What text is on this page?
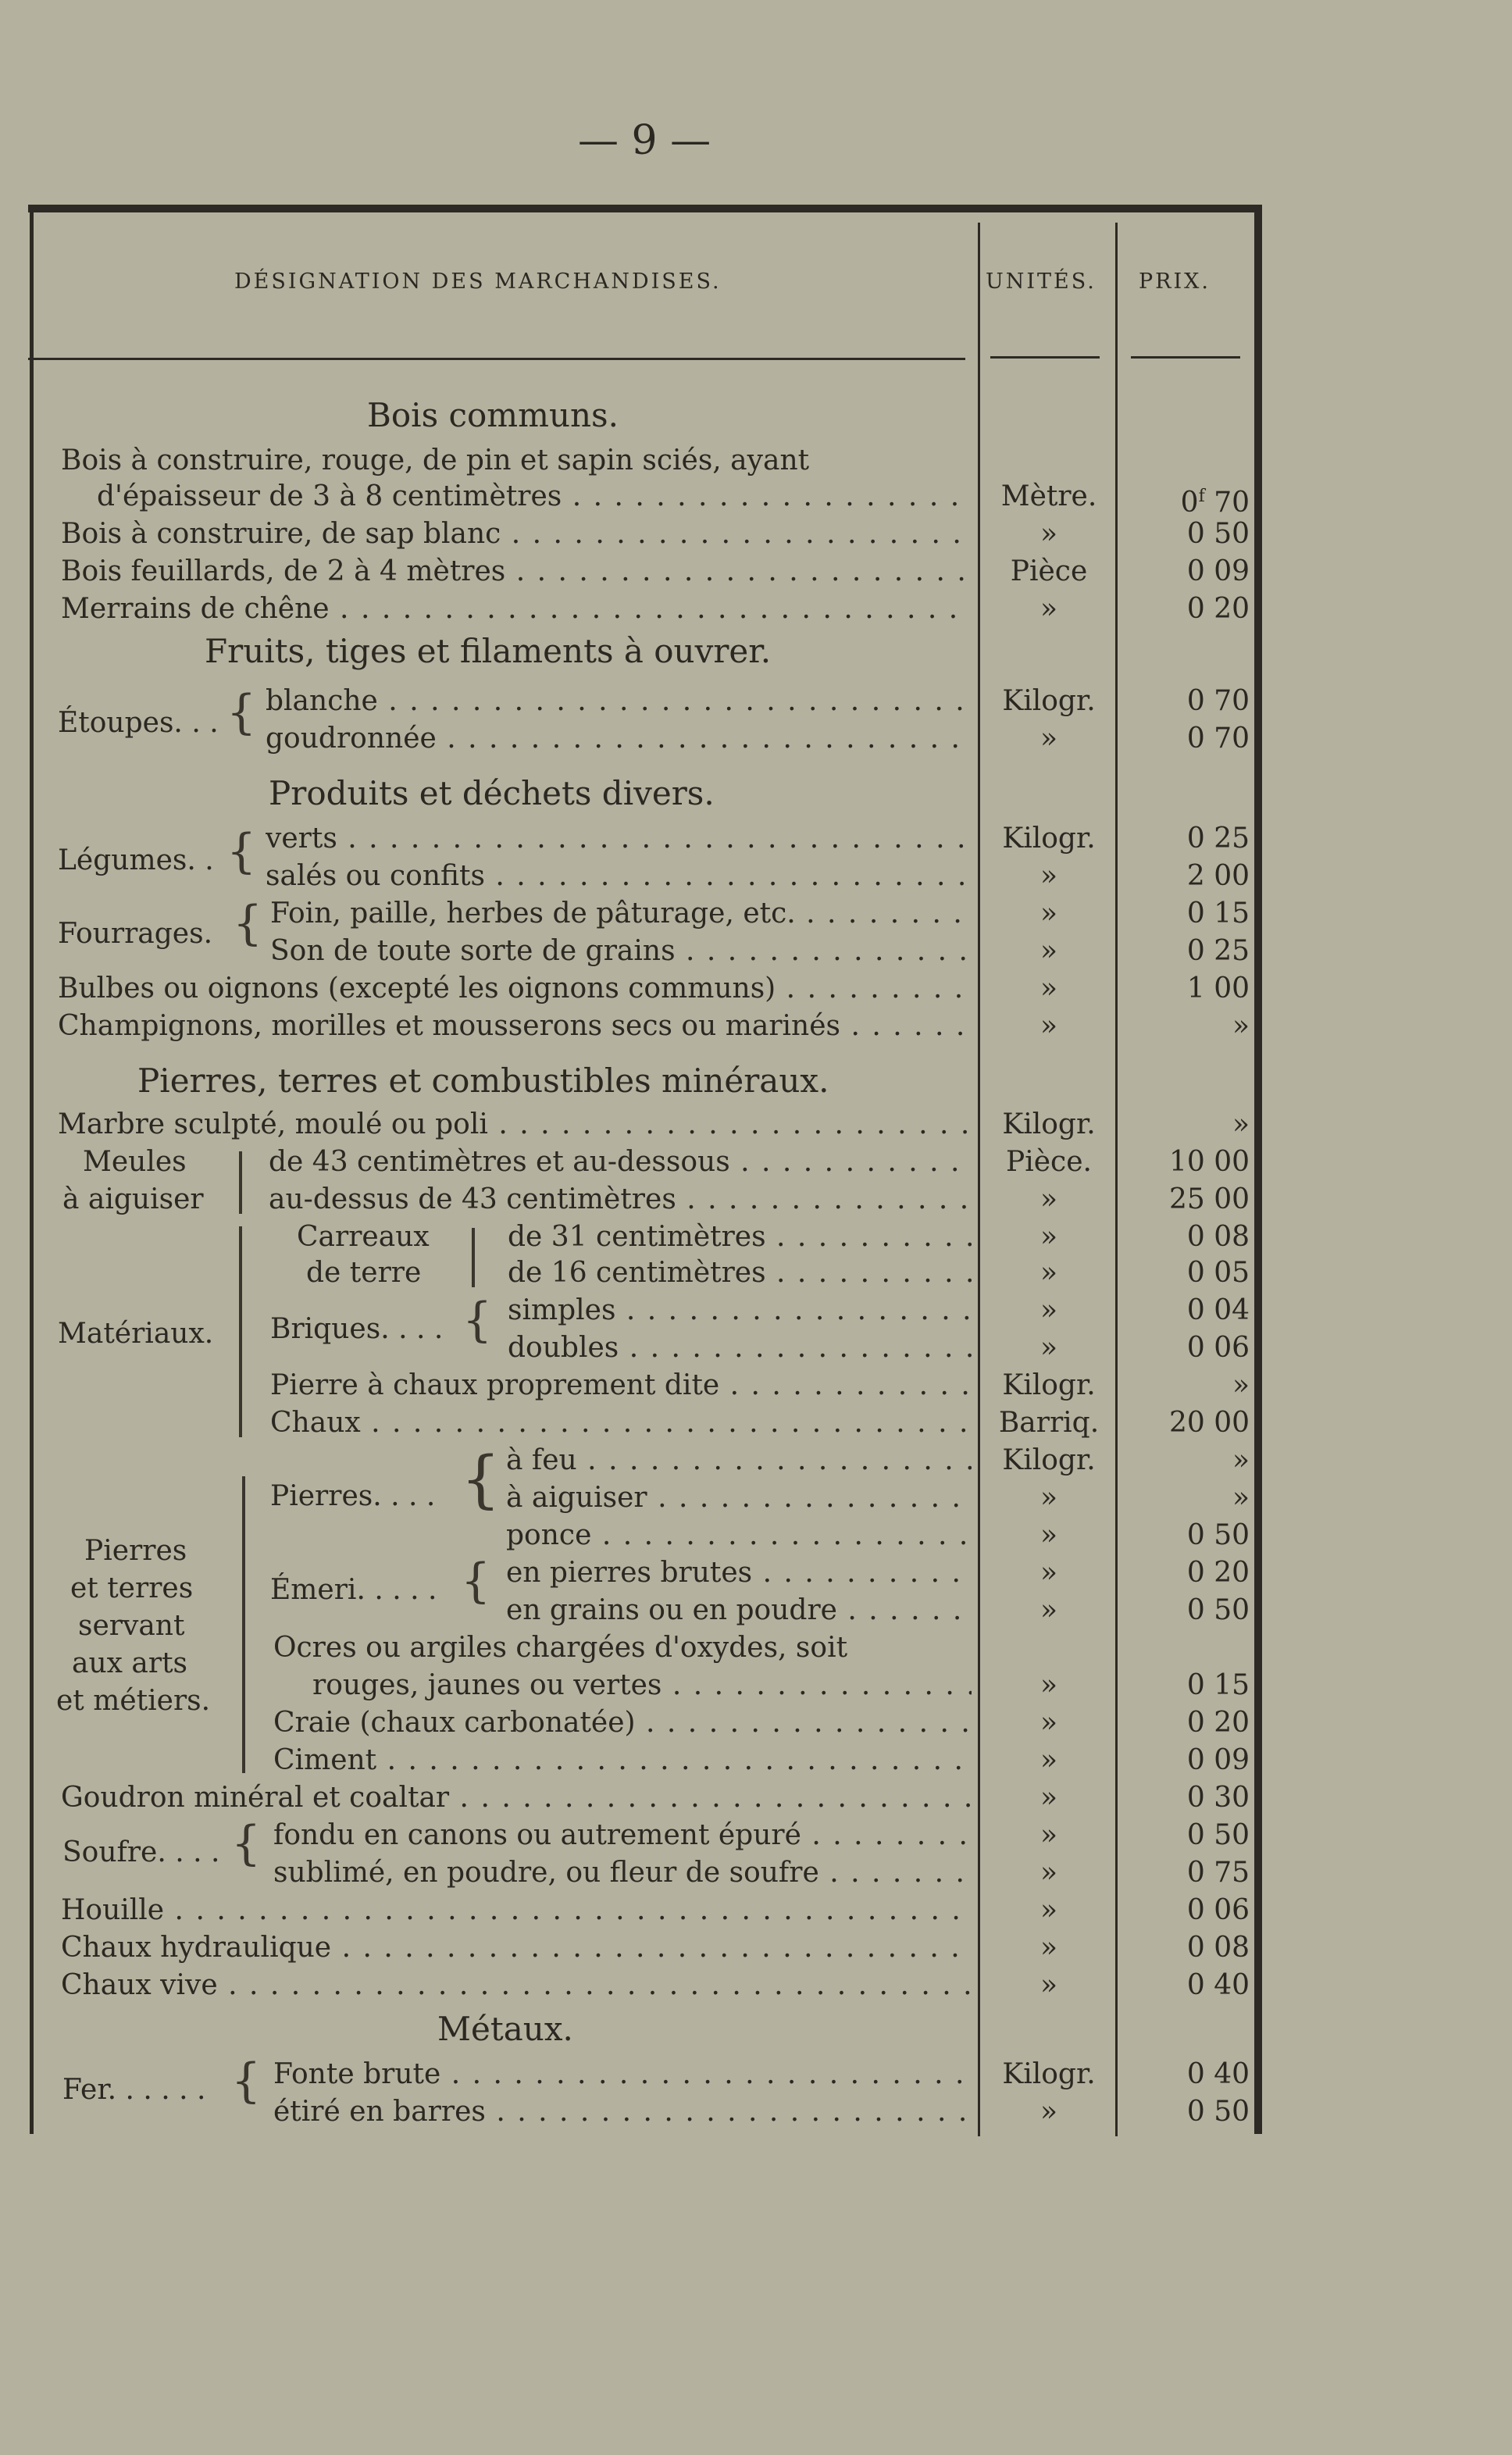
— 9 —
DÉSIGNATION DES MARCHANDISES.	UNITÉS. PRIX.
Bois communs.
Bois à construire, rouge, de pin et sapin sciés, ayant
d'épaisseur de 3 à 8 centimètres . . .	Mètre.	0$^f$ 70
Bois à construire, de sap blanc . . .	»	0 50
Bois feuillards, de 2 à 4 mètres . . .	Pièce	0 09
Merrains de chêne . . .	»	0 20
Fruits, tiges et filaments à ouvrer.
Étoupes. . . { blanche . . .	Kilogr.	0 70
goudronnée . . .	»	0 70
Produits et déchets divers.
Légumes. . { verts . . .	Kilogr.	0 25
salés ou confits . . .	»	2 00
Fourrages. { Foin, paille, herbes de pâturage, etc. . . .	»	0 15
Son de toute sorte de grains . . .	»	0 25
Bulbes ou oignons (excepté les oignons communs) . . .	»	1 00
Champignons, morilles et mousserons secs ou marinés . . .	»	»
Pierres, terres et combustibles minéraux.
Marbre sculpté, moulé ou poli . . .	Kilogr.	»
Meules
à aiguiser
de 43 centimètres et au-dessous . . .	Pièce.	10 00
au-dessus de 43 centimètres . . .	»	25 00
Matériaux.
Carreaux
de terre
de 31 centimètres . . .	»	0 08
de 16 centimètres . . .	»	0 05
Briques. . . . { simples . . .	»	0 04
doubles . . .	»	0 06
Pierre à chaux proprement dite . . .	Kilogr.	»
Chaux . . .	Barriq.	20 00
Pierres
et terres
servant
aux arts
et métiers.
Pierres. . . . { à feu . . .	Kilogr.	»
à aiguiser . . .	»	»
ponce . . .	»	0 50
Émeri. . . . . { en pierres brutes . . .	»	0 20
en grains ou en poudre . . .	»	0 50
Ocres ou argiles chargées d'oxydes, soit
rouges, jaunes ou vertes . . .	»	0 15
Craie (chaux carbonatée) . . .	»	0 20
Ciment . . .	»	0 09
Goudron minéral et coaltar . . .	»	0 30
Soufre. . . . { fondu en canons ou autrement épuré . . .	»	0 50
sublimé, en poudre, ou fleur de soufre . . .	»	0 75
Houille . . .	»	0 06
Chaux hydraulique . . .	»	0 08
Chaux vive . . .	»	0 40
Métaux.
Fer. . . . . . { Fonte brute . . .	Kilogr.	0 40
étiré en barres . . .	»	0 50
